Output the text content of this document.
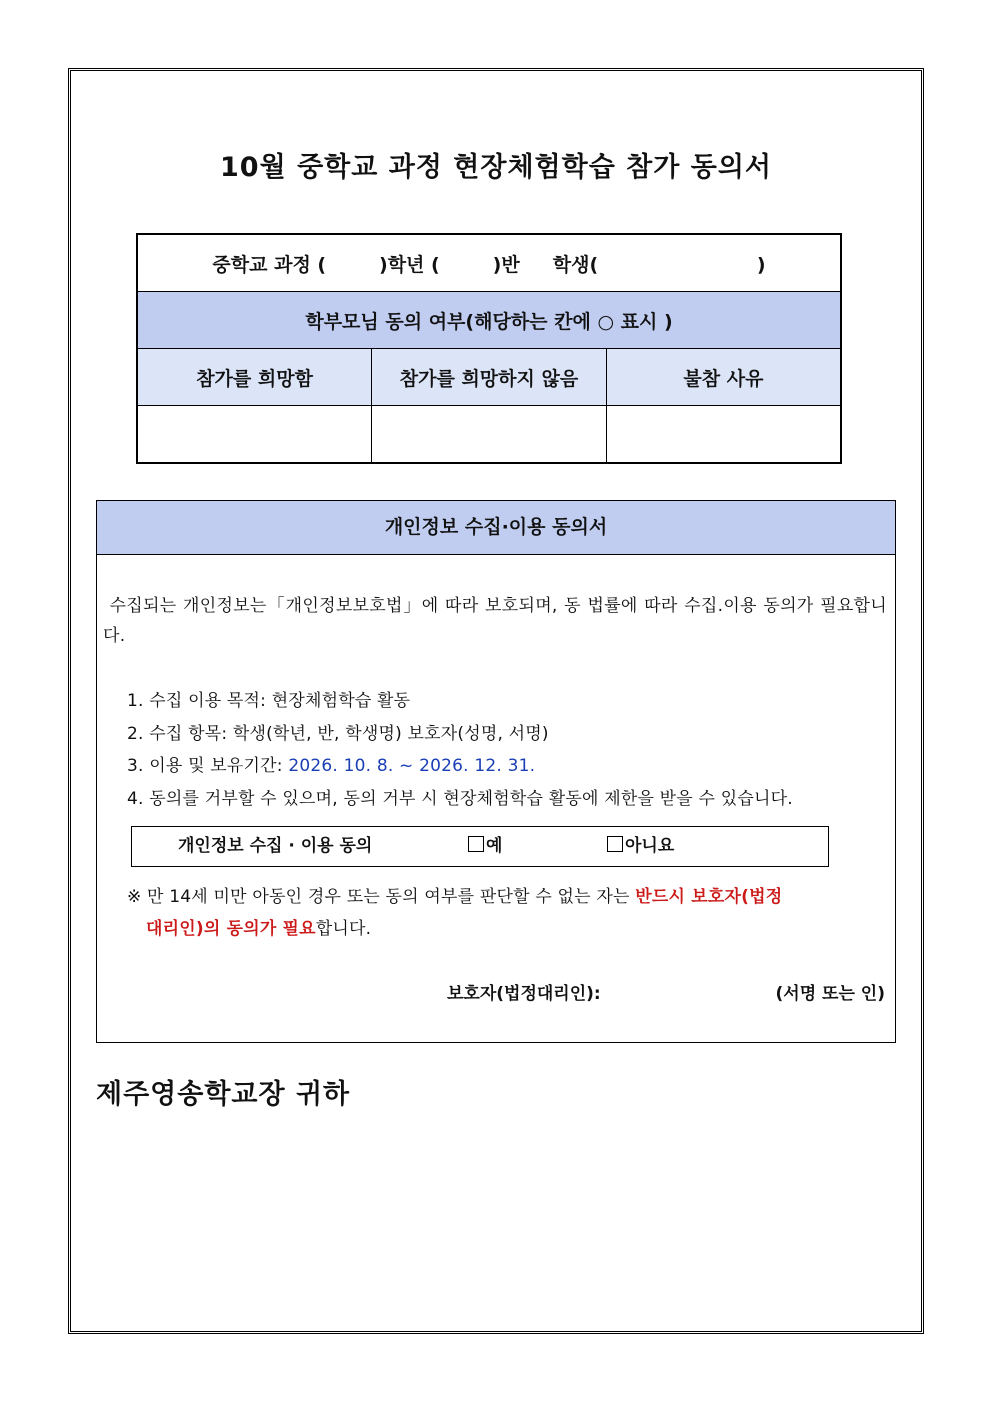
10월 중학교 과정 현장체험학습 참가 동의서
중학교 과정 (        )학년 (        )반     학생(                        )		
학부모님 동의 여부(해당하는 칸에 ○ 표시 )		
참가를 희망함	참가를 희망하지 않음	불참 사유

개인정보 수집·이용 동의서
수집되는 개인정보는「개인정보보호법」에 따라 보호되며, 동 법률에 따라 수집.이용 동의가 필요합니다.
1. 수집 이용 목적: 현장체험학습 활동
2. 수집 항목: 학생(학년, 반, 학생명) 보호자(성명, 서명)
3. 이용 및 보유기간: 2026. 10. 8. ~ 2026. 12. 31.
4. 동의를 거부할 수 있으며, 동의 거부 시 현장체험학습 활동에 제한을 받을 수 있습니다.
개인정보 수집 · 이용 동의	예	아니요
※ 만 14세 미만 아동인 경우 또는 동의 여부를 판단할 수 없는 자는 반드시 보호자(법정
대리인)의 동의가 필요합니다.
보호자(법정대리인):	(서명 또는 인)
제주영송학교장 귀하
